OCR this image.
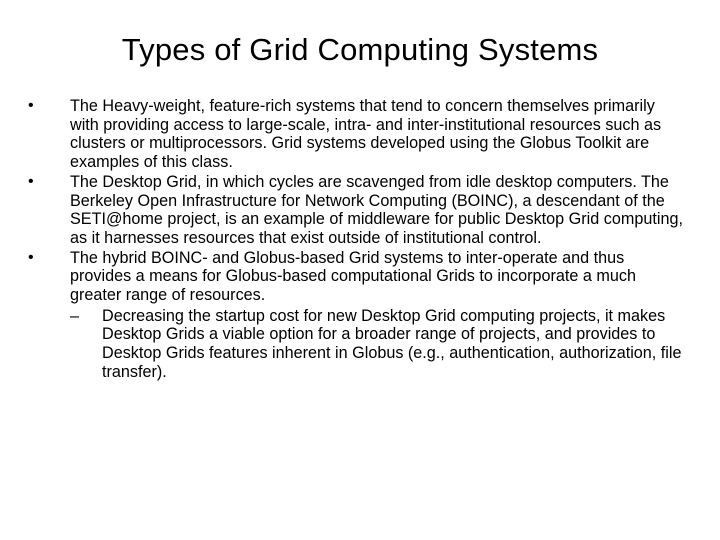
Types of Grid Computing Systems
•	The Heavy-weight, feature-rich systems that tend to concern themselves primarily with providing access to large-scale, intra- and inter-institutional resources such as clusters or multiprocessors. Grid systems developed using the Globus Toolkit are examples of this class.
•	The Desktop Grid, in which cycles are scavenged from idle desktop computers. The Berkeley Open Infrastructure for Network Computing (BOINC), a descendant of the SETI@home project, is an example of middleware for public Desktop Grid computing, as it harnesses resources that exist outside of institutional control.
•	The hybrid BOINC- and Globus-based Grid systems to inter-operate and thus provides a means for Globus-based computational Grids to incorporate a much greater range of resources.
–	Decreasing the startup cost for new Desktop Grid computing projects, it makes Desktop Grids a viable option for a broader range of projects, and provides to Desktop Grids features inherent in Globus (e.g., authentication, authorization, file transfer).
